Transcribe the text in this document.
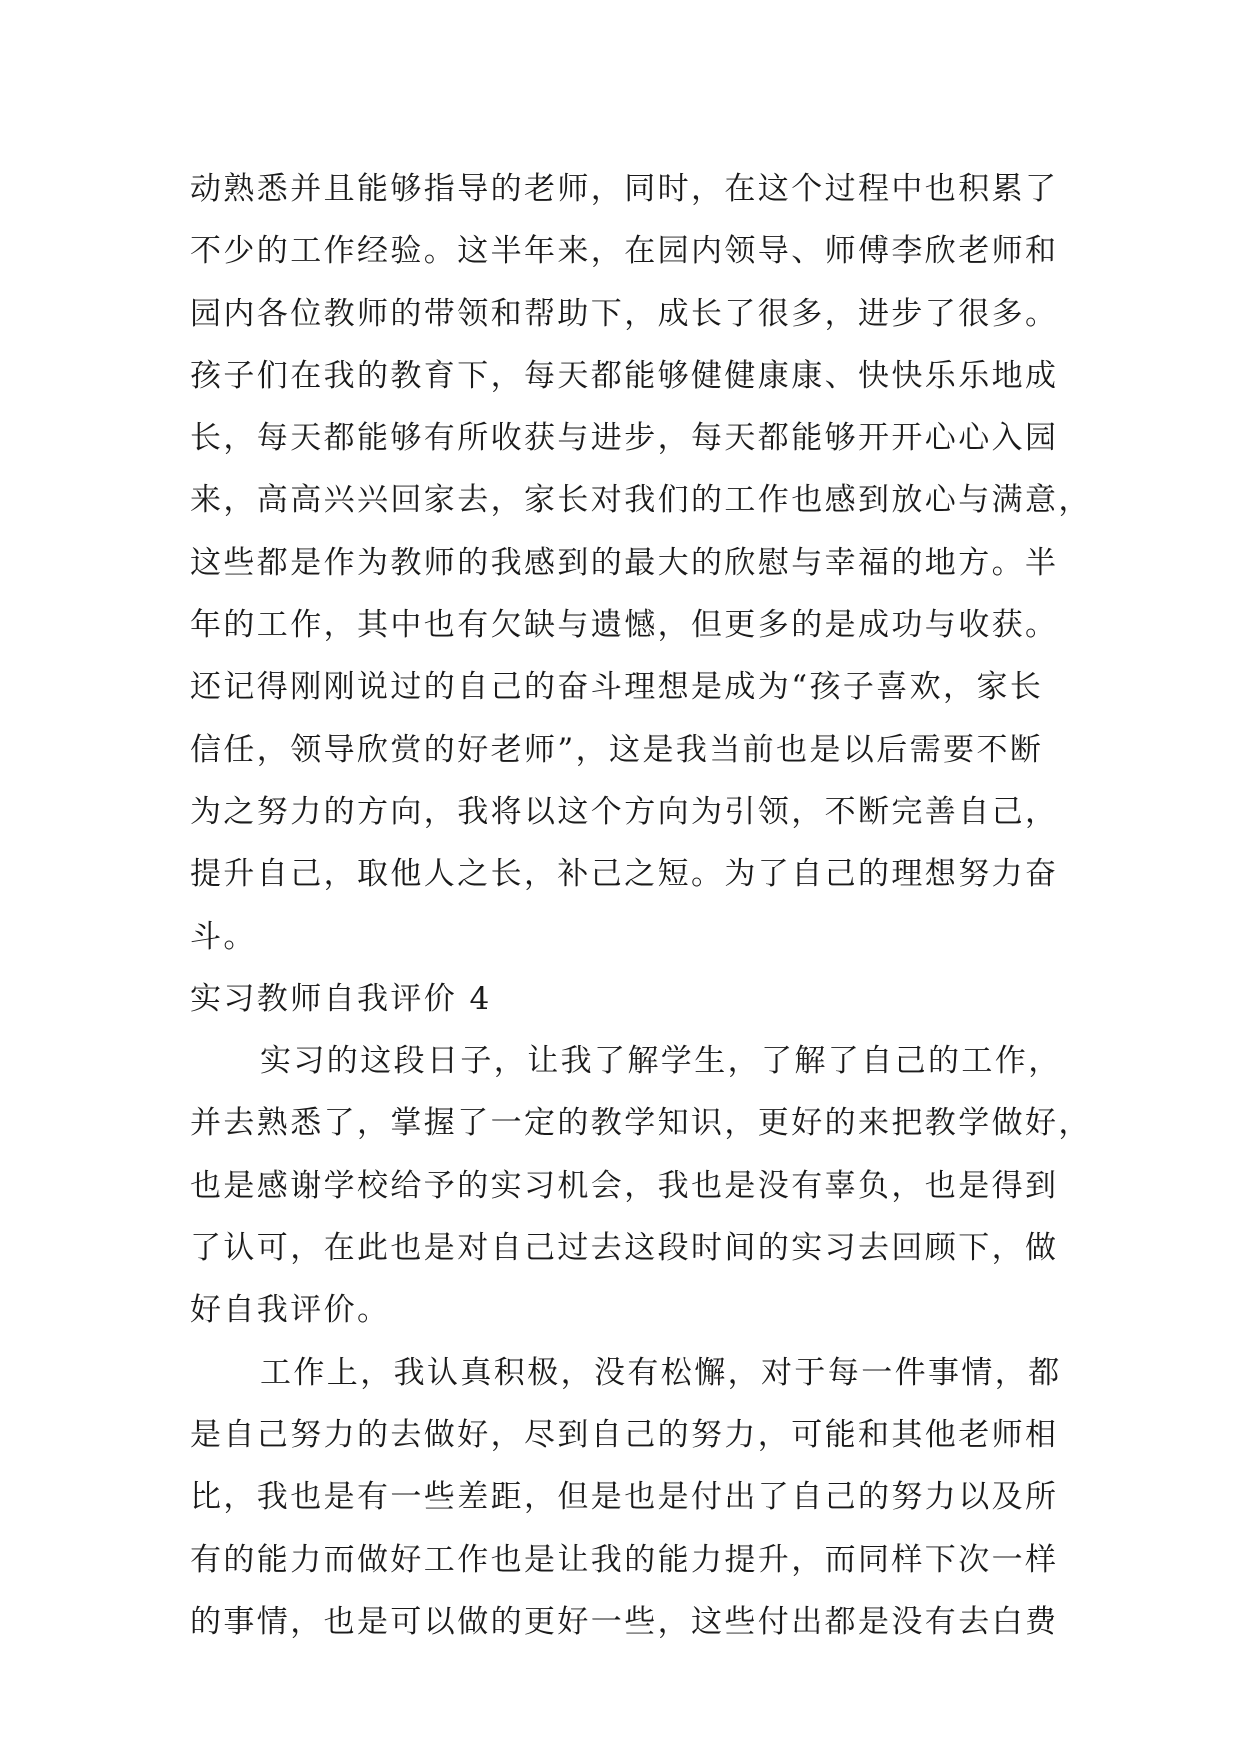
动熟悉并且能够指导的老师，同时，在这个过程中也积累了
不少的工作经验。这半年来，在园内领导、师傅李欣老师和
园内各位教师的带领和帮助下，成长了很多，进步了很多。
孩子们在我的教育下，每天都能够健健康康、快快乐乐地成
长，每天都能够有所收获与进步，每天都能够开开心心入园
来，高高兴兴回家去，家长对我们的工作也感到放心与满意，
这些都是作为教师的我感到的最大的欣慰与幸福的地方。半
年的工作，其中也有欠缺与遗憾，但更多的是成功与收获。
还记得刚刚说过的自己的奋斗理想是成为“孩子喜欢，家长
信任，领导欣赏的好老师”，这是我当前也是以后需要不断
为之努力的方向，我将以这个方向为引领，不断完善自己，
提升自己，取他人之长，补己之短。为了自己的理想努力奋
斗。
实习教师自我评价 4
实习的这段日子，让我了解学生，了解了自己的工作，
并去熟悉了，掌握了一定的教学知识，更好的来把教学做好，
也是感谢学校给予的实习机会，我也是没有辜负，也是得到
了认可，在此也是对自己过去这段时间的实习去回顾下，做
好自我评价。
工作上，我认真积极，没有松懈，对于每一件事情，都
是自己努力的去做好，尽到自己的努力，可能和其他老师相
比，我也是有一些差距，但是也是付出了自己的努力以及所
有的能力而做好工作也是让我的能力提升，而同样下次一样
的事情，也是可以做的更好一些，这些付出都是没有去白费
